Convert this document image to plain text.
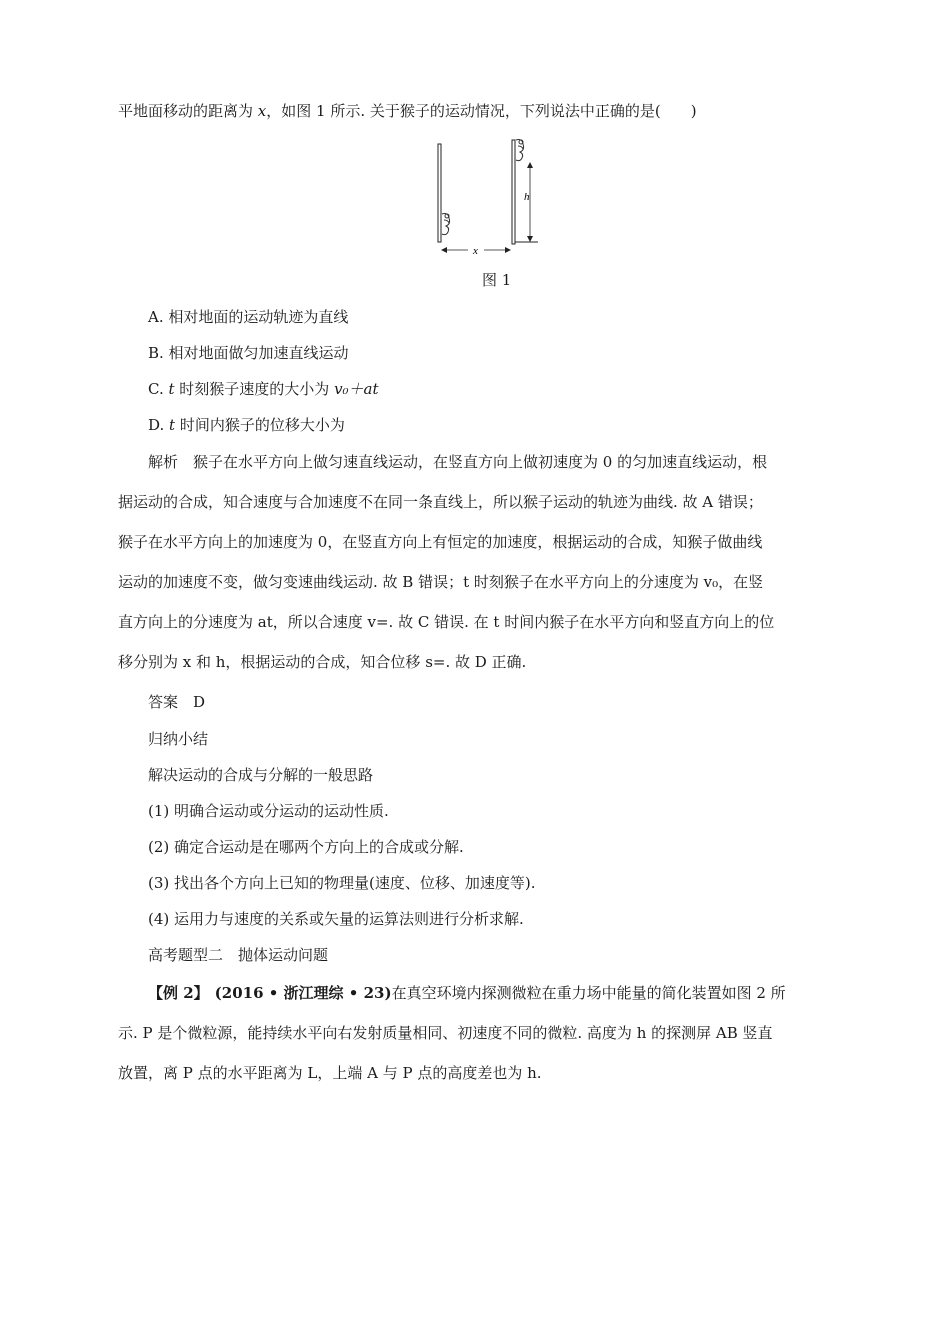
平地面移动的距离为 x，如图 1 所示. 关于猴子的运动情况，下列说法中正确的是(　　)
h
x
图 1
A. 相对地面的运动轨迹为直线
B. 相对地面做匀加速直线运动
C. t 时刻猴子速度的大小为 v₀＋at
D. t 时间内猴子的位移大小为
解析　猴子在水平方向上做匀速直线运动，在竖直方向上做初速度为 0 的匀加速直线运动，根
据运动的合成，知合速度与合加速度不在同一条直线上，所以猴子运动的轨迹为曲线. 故 A 错误；
猴子在水平方向上的加速度为 0，在竖直方向上有恒定的加速度，根据运动的合成，知猴子做曲线
运动的加速度不变，做匀变速曲线运动. 故 B 错误；t 时刻猴子在水平方向上的分速度为 v₀，在竖
直方向上的分速度为 at，所以合速度 v=. 故 C 错误. 在 t 时间内猴子在水平方向和竖直方向上的位
移分别为 x 和 h，根据运动的合成，知合位移 s=. 故 D 正确.
答案　D
归纳小结
解决运动的合成与分解的一般思路
(1) 明确合运动或分运动的运动性质.
(2) 确定合运动是在哪两个方向上的合成或分解.
(3) 找出各个方向上已知的物理量(速度、位移、加速度等).
(4) 运用力与速度的关系或矢量的运算法则进行分析求解.
高考题型二　抛体运动问题
【例 2】 (2016 • 浙江理综 • 23)在真空环境内探测微粒在重力场中能量的简化装置如图 2 所
示. P 是个微粒源，能持续水平向右发射质量相同、初速度不同的微粒. 高度为 h 的探测屏 AB 竖直
放置，离 P 点的水平距离为 L，上端 A 与 P 点的高度差也为 h.
